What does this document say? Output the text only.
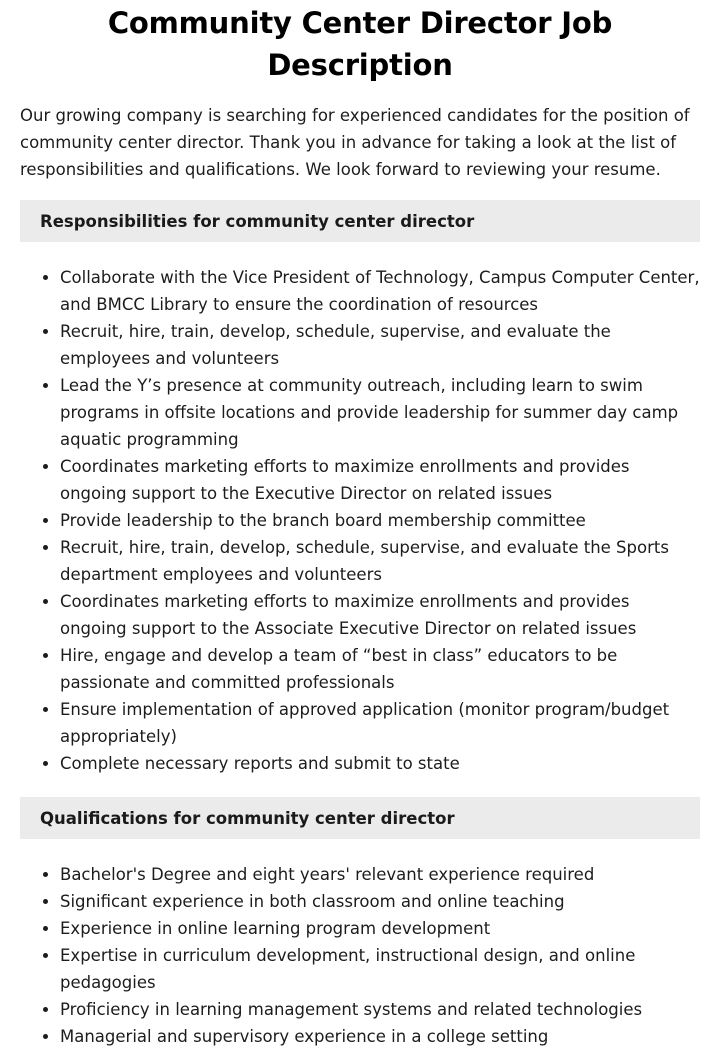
Community Center Director Job Description

Our growing company is searching for experienced candidates for the position of community center director. Thank you in advance for taking a look at the list of responsibilities and qualifications. We look forward to reviewing your resume.

Responsibilities for community center director
• Collaborate with the Vice President of Technology, Campus Computer Center, and BMCC Library to ensure the coordination of resources
• Recruit, hire, train, develop, schedule, supervise, and evaluate the employees and volunteers
• Lead the Y’s presence at community outreach, including learn to swim programs in offsite locations and provide leadership for summer day camp aquatic programming
• Coordinates marketing efforts to maximize enrollments and provides ongoing support to the Executive Director on related issues
• Provide leadership to the branch board membership committee
• Recruit, hire, train, develop, schedule, supervise, and evaluate the Sports department employees and volunteers
• Coordinates marketing efforts to maximize enrollments and provides ongoing support to the Associate Executive Director on related issues
• Hire, engage and develop a team of “best in class” educators to be passionate and committed professionals
• Ensure implementation of approved application (monitor program/budget appropriately)
• Complete necessary reports and submit to state
Qualifications for community center director
• Bachelor's Degree and eight years' relevant experience required
• Significant experience in both classroom and online teaching
• Experience in online learning program development
• Expertise in curriculum development, instructional design, and online pedagogies
• Proficiency in learning management systems and related technologies
• Managerial and supervisory experience in a college setting
